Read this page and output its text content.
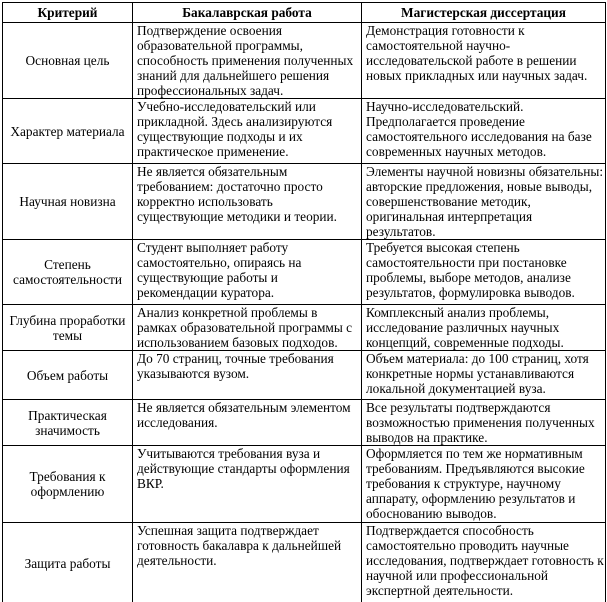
Критерий	Бакалаврская работа	Магистерская диссертация
Основная цель	Подтверждение освоения образовательной программы, способность применения полученных знаний для дальнейшего решения профессиональных задач.	Демонстрация готовности к самостоятельной научно-исследовательской работе в решении новых прикладных или научных задач.
Характер материала	Учебно-исследовательский или прикладной. Здесь анализируются существующие подходы и их практическое применение.	Научно-исследовательский. Предполагается проведение самостоятельного исследования на базе современных научных методов.
Научная новизна	Не является обязательным требованием: достаточно просто корректно использовать существующие методики и теории.	Элементы научной новизны обязательны: авторские предложения, новые выводы, совершенствование методик, оригинальная интерпретация результатов.
Степень самостоятельности	Студент выполняет работу самостоятельно, опираясь на существующие работы и рекомендации куратора.	Требуется высокая степень самостоятельности при постановке проблемы, выборе методов, анализе результатов, формулировка выводов.
Глубина проработки темы	Анализ конкретной проблемы в рамках образовательной программы с использованием базовых подходов.	Комплексный анализ проблемы, исследование различных научных концепций, современные подходы.
Объем работы	До 70 страниц, точные требования указываются вузом.	Объем материала: до 100 страниц, хотя конкретные нормы устанавливаются локальной документацией вуза.
Практическая значимость	Не является обязательным элементом исследования.	Все результаты подтверждаются возможностью применения полученных выводов на практике.
Требования к оформлению	Учитываются требования вуза и действующие стандарты оформления ВКР.	Оформляется по тем же нормативным требованиям. Предъявляются высокие требования к структуре, научному аппарату, оформлению результатов и обоснованию выводов.
Защита работы	Успешная защита подтверждает готовность бакалавра к дальнейшей деятельности.	Подтверждается способность самостоятельно проводить научные исследования, подтверждает готовность к научной или профессиональной экспертной деятельности.
